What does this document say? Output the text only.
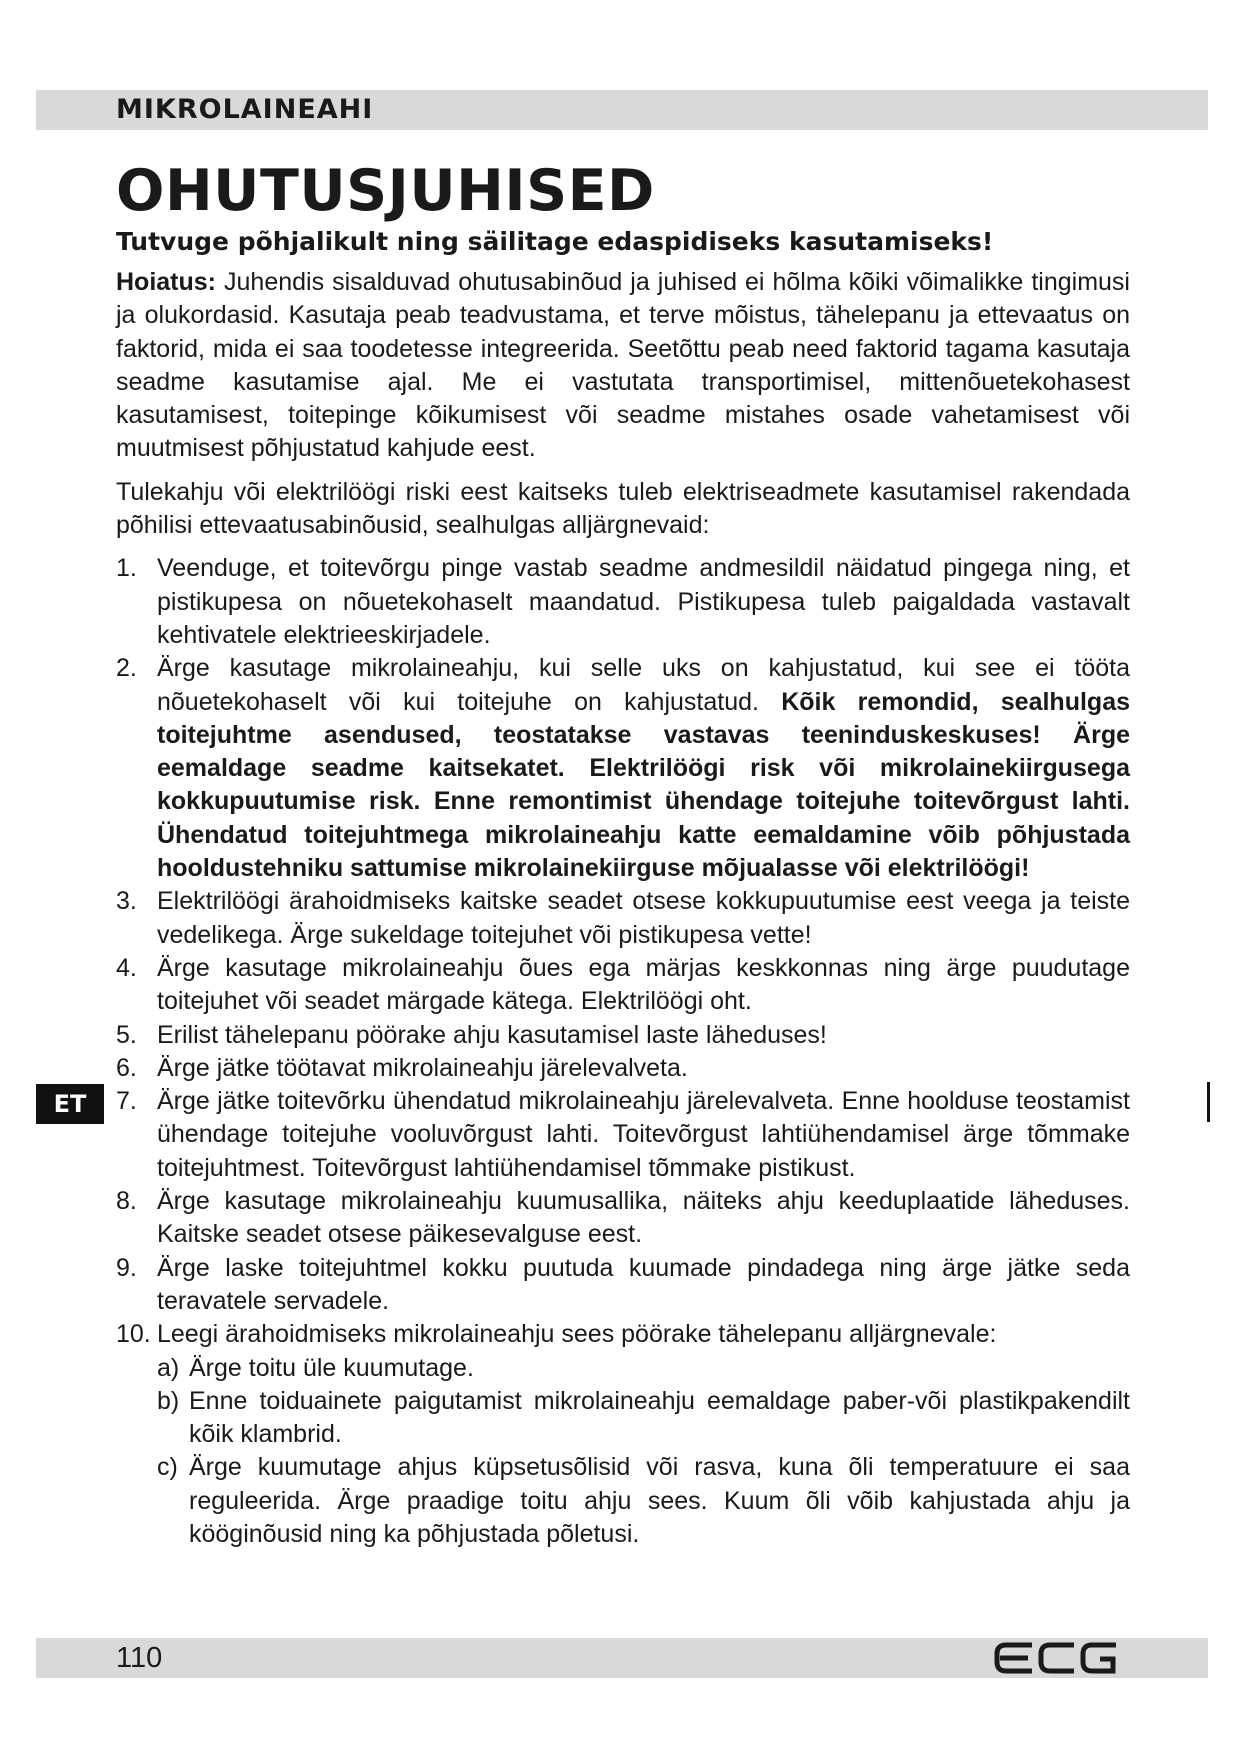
MIKROLAINEAHI
OHUTUSJUHISED
Tutvuge põhjalikult ning säilitage edaspidiseks kasutamiseks!

Hoiatus: Juhendis sisalduvad ohutusabinõud ja juhised ei hõlma kõiki võimalikke tingimusi ja olukordasid. Kasutaja peab teadvustama, et terve mõistus, tähelepanu ja ettevaatus on faktorid, mida ei saa toodetesse integreerida. Seetõttu peab need faktorid tagama kasutaja seadme kasutamise ajal. Me ei vastutata transportimisel, mittenõuetekohasest kasutamisest, toitepinge kõikumisest või seadme mistahes osade vahetamisest või muutmisest põhjustatud kahjude eest.

Tulekahju või elektrilöögi riski eest kaitseks tuleb elektriseadmete kasutamisel rakendada põhilisi ettevaatusabinõusid, sealhulgas alljärgnevaid:

1. Veenduge, et toitevõrgu pinge vastab seadme andmesildil näidatud pingega ning, et pistikupesa on nõuetekohaselt maandatud. Pistikupesa tuleb paigaldada vastavalt kehtivatele elektrieeskirjadele.
2. Ärge kasutage mikrolaineahju, kui selle uks on kahjustatud, kui see ei tööta nõuetekohaselt või kui toitejuhe on kahjustatud. Kõik remondid, sealhulgas toitejuhtme asendused, teostatakse vastavas teeninduskeskuses! Ärge eemaldage seadme kaitsekatet. Elektrilöögi risk või mikrolainekiirgusega kokkupuutumise risk. Enne remontimist ühendage toitejuhe toitevõrgust lahti. Ühendatud toitejuhtmega mikrolaineahju katte eemaldamine võib põhjustada hooldustehniku sattumise mikrolainekiirguse mõjualasse või elektrilöögi!
3. Elektrilöögi ärahoidmiseks kaitske seadet otsese kokkupuutumise eest veega ja teiste vedelikega. Ärge sukeldage toitejuhet või pistikupesa vette!
4. Ärge kasutage mikrolaineahju õues ega märjas keskkonnas ning ärge puudutage toitejuhet või seadet märgade kätega. Elektrilöögi oht.
5. Erilist tähelepanu pöörake ahju kasutamisel laste läheduses!
6. Ärge jätke töötavat mikrolaineahju järelevalveta.
7. Ärge jätke toitevõrku ühendatud mikrolaineahju järelevalveta. Enne hoolduse teostamist ühendage toitejuhe vooluvõrgust lahti. Toitevõrgust lahtiühendamisel ärge tõmmake toitejuhtmest. Toitevõrgust lahtiühendamisel tõmmake pistikust.
8. Ärge kasutage mikrolaineahju kuumusallika, näiteks ahju keeduplaatide läheduses. Kaitske seadet otsese päikesevalguse eest.
9. Ärge laske toitejuhtmel kokku puutuda kuumade pindadega ning ärge jätke seda teravatele servadele.
10. Leegi ärahoidmiseks mikrolaineahju sees pöörake tähelepanu alljärgnevale:
a) Ärge toitu üle kuumutage.
b) Enne toiduainete paigutamist mikrolaineahju eemaldage paber-või plastikpakendilt kõik klambrid.
c) Ärge kuumutage ahjus küpsetusõlisid või rasva, kuna õli temperatuure ei saa reguleerida. Ärge praadige toitu ahju sees. Kuum õli võib kahjustada ahju ja kööginõusid ning ka põhjustada põletusi.
ET
110
